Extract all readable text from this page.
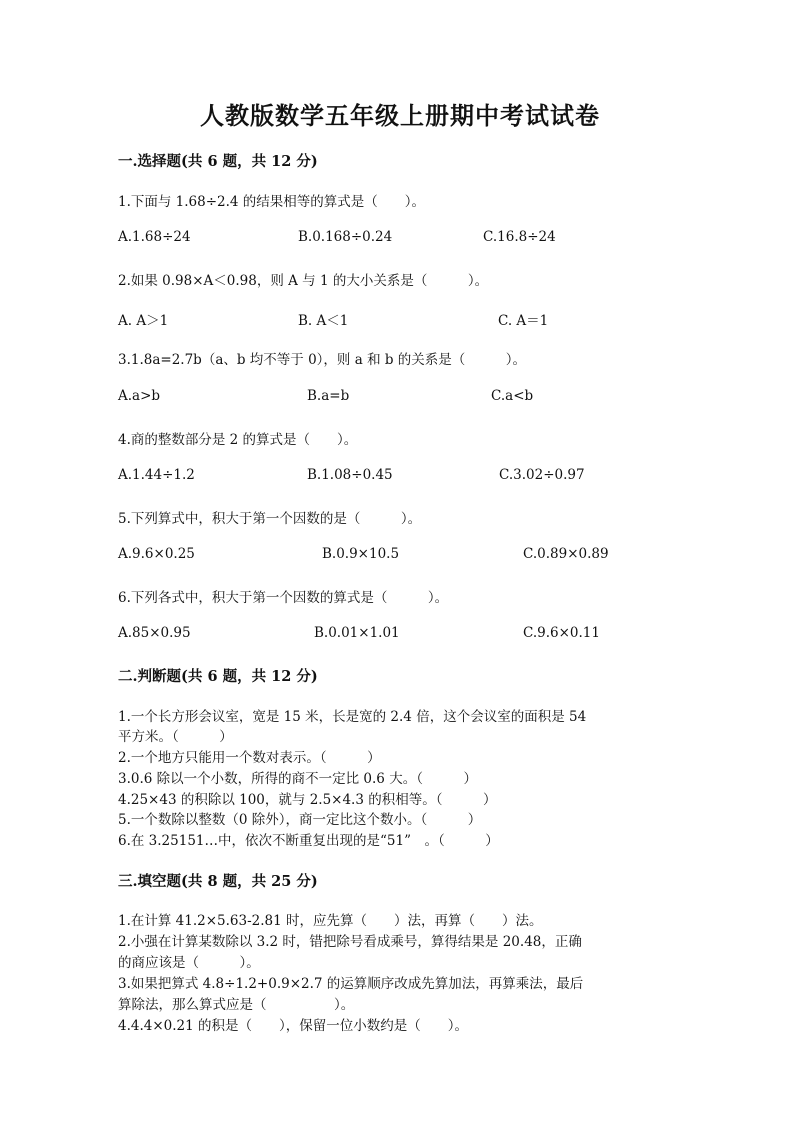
人教版数学五年级上册期中考试试卷
一.选择题(共 6 题，共 12 分)
1.下面与 1.68÷2.4 的结果相等的算式是（　　）。
A.1.68÷24	B.0.168÷0.24	C.16.8÷24
2.如果 0.98×A＜0.98，则 A 与 1 的大小关系是（　　　）。
A. A＞1	B. A＜1	C. A＝1
3.1.8a=2.7b（a、b 均不等于 0），则 a 和 b 的关系是（　　　）。
A.a>b	B.a=b	C.a<b
4.商的整数部分是 2 的算式是（　　）。
A.1.44÷1.2	B.1.08÷0.45	C.3.02÷0.97
5.下列算式中，积大于第一个因数的是（　　　）。
A.9.6×0.25	B.0.9×10.5	C.0.89×0.89
6.下列各式中，积大于第一个因数的算式是（　　　）。
A.85×0.95	B.0.01×1.01	C.9.6×0.11
二.判断题(共 6 题，共 12 分)
1.一个长方形会议室，宽是 15 米，长是宽的 2.4 倍，这个会议室的面积是 54
平方米。（　　　）
2.一个地方只能用一个数对表示。（　　　）
3.0.6 除以一个小数，所得的商不一定比 0.6 大。（　　　）
4.25×43 的积除以 100，就与 2.5×4.3 的积相等。（　　　）
5.一个数除以整数（0 除外），商一定比这个数小。（　　　）
6.在 3.25151…中，依次不断重复出现的是“51”　。（　　　）
三.填空题(共 8 题，共 25 分)
1.在计算 41.2×5.63-2.81 时，应先算（　　）法，再算（　　）法。
2.小强在计算某数除以 3.2 时，错把除号看成乘号，算得结果是 20.48，正确
的商应该是（　　　）。
3.如果把算式 4.8÷1.2+0.9×2.7 的运算顺序改成先算加法，再算乘法，最后
算除法，那么算式应是（　　　　　）。
4.4.4×0.21 的积是（　　），保留一位小数约是（　　）。
